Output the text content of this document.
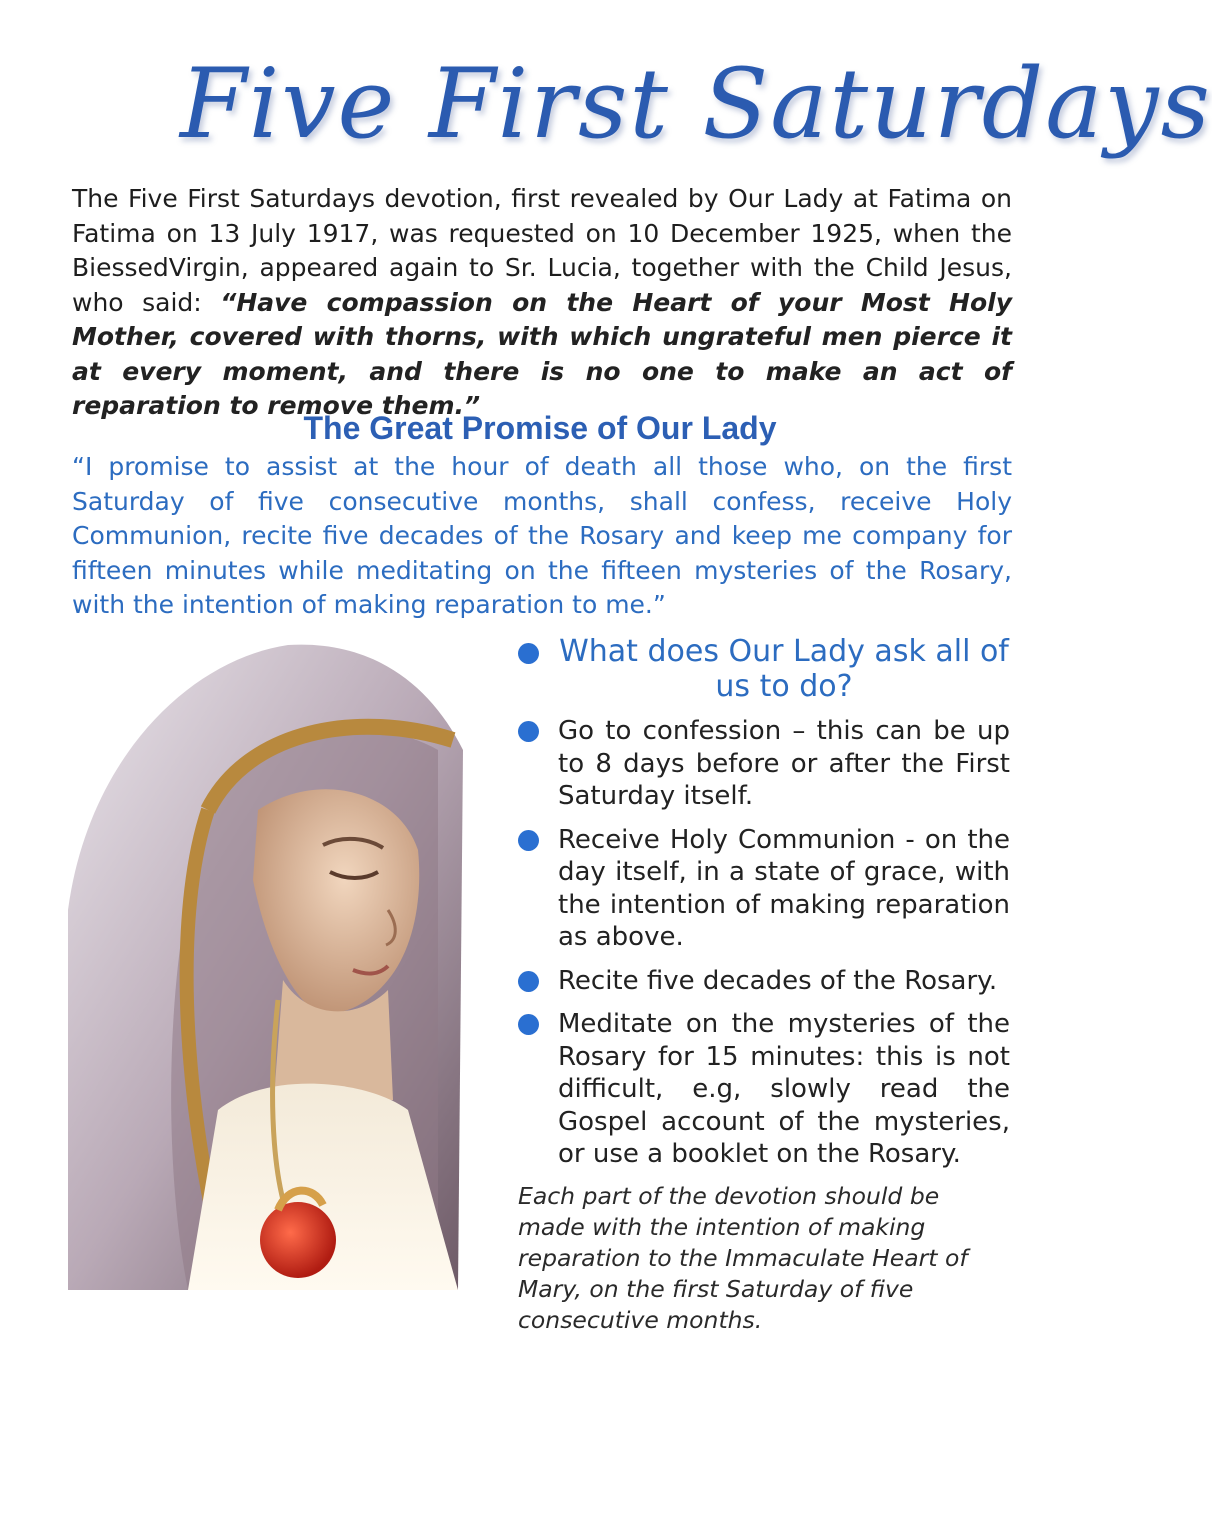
Five First Saturdays
The Five First Saturdays devotion, first revealed by Our Lady at Fatima on Fatima on 13 July 1917, was requested on 10 December 1925, when the BiessedVirgin, appeared again to Sr. Lucia, together with the Child Jesus, who said: “Have compassion on the Heart of your Most Holy Mother, covered with thorns, with which ungrateful men pierce it at every moment, and there is no one to make an act of reparation to remove them.”
The Great Promise of Our Lady
“I promise to assist at the hour of death all those who, on the first Saturday of five consecutive months, shall confess, receive Holy Communion, recite five decades of the Rosary and keep me company for fifteen minutes while meditating on the fifteen mysteries of the Rosary, with the intention of making reparation to me.”
What does Our Lady ask all of us to do?
Go to confession – this can be up to 8 days before or after the First Saturday itself.
Receive Holy Communion - on the day itself, in a state of grace, with the intention of making reparation as above.
Recite five decades of the Rosary.
Meditate on the mysteries of the Rosary for 15 minutes: this is not difficult, e.g, slowly read the Gospel account of the mysteries, or use a booklet on the Rosary.
Each part of the devotion should be made with the intention of making reparation to the Immaculate Heart of Mary, on the first Saturday of five consecutive months.
